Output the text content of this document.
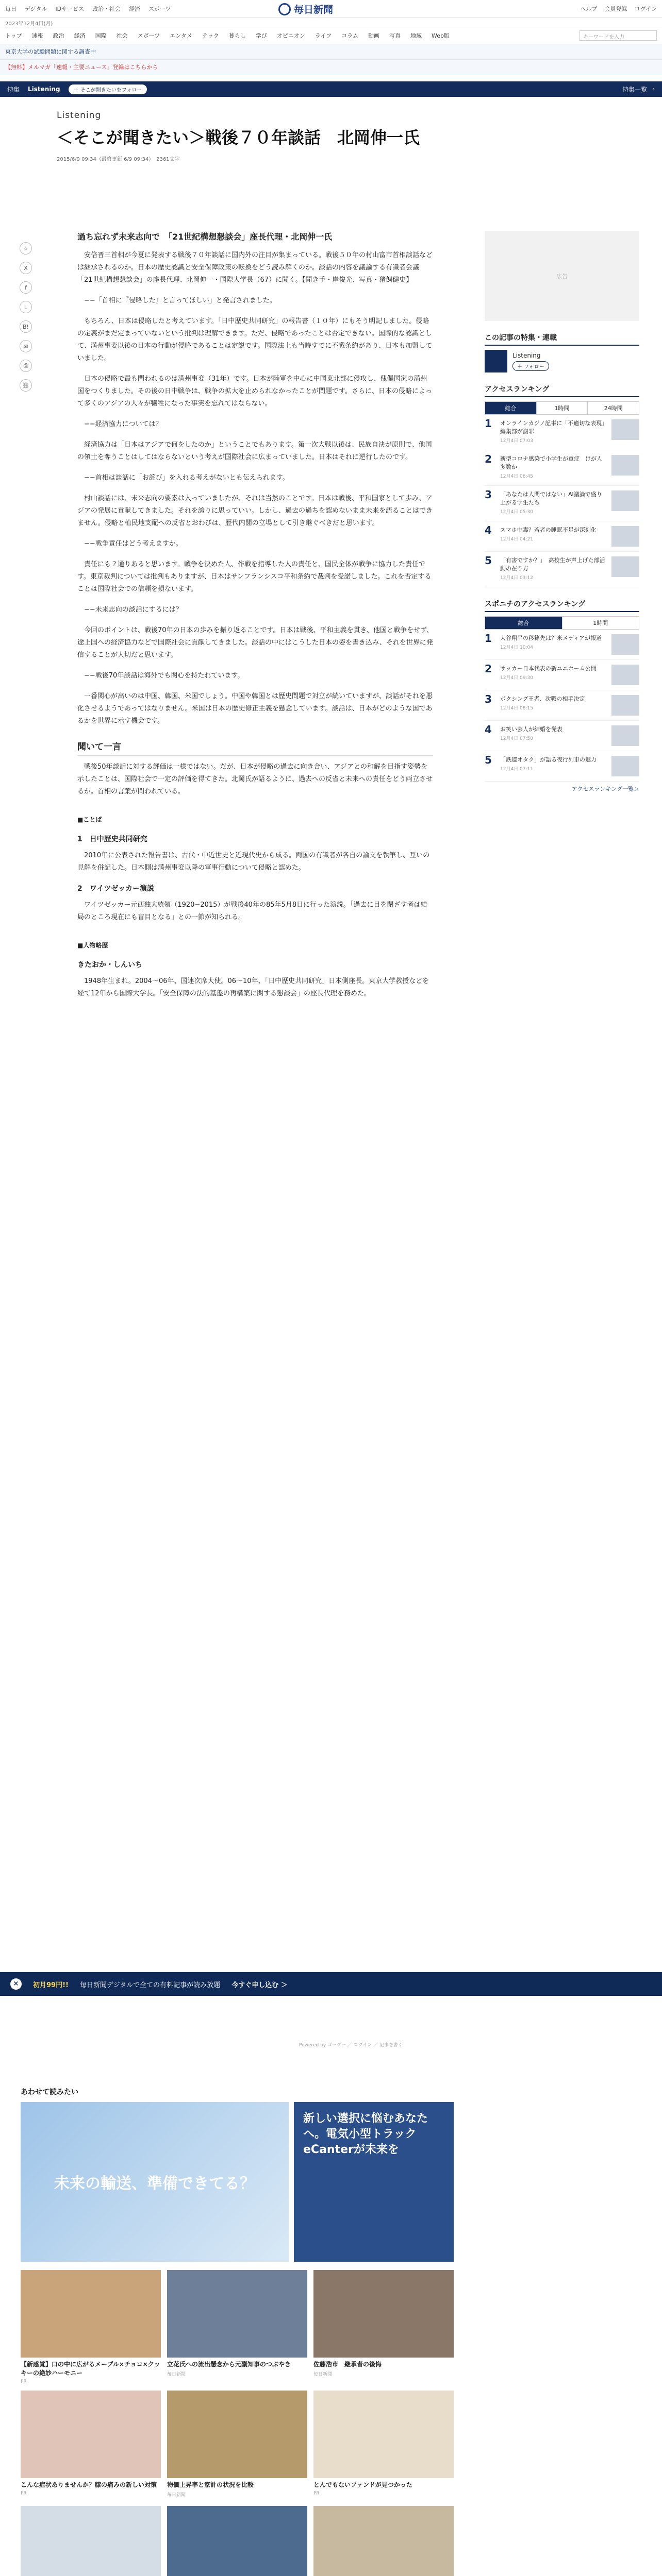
毎日 デジタル IDサービス 政治・社会 経済 スポーツ	ヘルプ 会員登録 ログイン
毎日新聞
2023年12月4日(月)
トップ 速報 政治 経済 国際 社会 スポーツ エンタメ テック 暮らし 学び オピニオン ライフ コラム 動画 写真 地域 Web版	キーワードを入力
東京大学の試験問題に関する調査中
【無料】メルマガ「速報・主要ニュース」登録はこちらから
特集 Listening	＋ そこが聞きたいをフォロー	特集一覧 ›
Listening
＜そこが聞きたい＞戦後７０年談話　北岡伸一氏
2015/6/9 09:34（最終更新 6/9 09:34）　2361文字
☆
X
f
L
B!
✉
⎙
⛓
過ち忘れず未来志向で　「21世紀構想懇談会」座長代理・北岡伸一氏

安倍晋三首相が今夏に発表する戦後７０年談話に国内外の注目が集まっている。戦後５０年の村山富市首相談話などは継承されるのか。日本の歴史認識と安全保障政策の転換をどう読み解くのか。談話の内容を議論する有識者会議「21世紀構想懇談会」の座長代理、北岡伸一・国際大学長（67）に聞く。【聞き手・岸俊光、写真・猪飼健史】

−−「首相に『侵略した』と言ってほしい」と発言されました。

もちろん、日本は侵略したと考えています。「日中歴史共同研究」の報告書（１０年）にもそう明記しました。侵略の定義がまだ定まっていないという批判は理解できます。ただ、侵略であったことは否定できない。国際的な認識として、満州事変以後の日本の行動が侵略であることは定説です。国際法上も当時すでに不戦条約があり、日本も加盟していました。

日本の侵略で最も問われるのは満州事変（31年）です。日本が陸軍を中心に中国東北部に侵攻し、傀儡国家の満州国をつくりました。その後の日中戦争は、戦争の拡大を止められなかったことが問題です。さらに、日本の侵略によって多くのアジアの人々が犠牲になった事実を忘れてはならない。

−−経済協力については？

経済協力は「日本はアジアで何をしたのか」ということでもあります。第一次大戦以後は、民族自決が原則で、他国の領土を奪うことはしてはならないという考えが国際社会に広まっていました。日本はそれに逆行したのです。

−−首相は談話に「お詫び」を入れる考えがないとも伝えられます。

村山談話には、未来志向の要素は入っていましたが、それは当然のことです。日本は戦後、平和国家として歩み、アジアの発展に貢献してきました。それを誇りに思っていい。しかし、過去の過ちを認めないまま未来を語ることはできません。侵略と植民地支配への反省とおわびは、歴代内閣の立場として引き継ぐべきだと思います。

−−戦争責任はどう考えますか。

責任にも２通りあると思います。戦争を決めた人、作戦を指導した人の責任と、国民全体が戦争に協力した責任です。東京裁判については批判もありますが、日本はサンフランシスコ平和条約で裁判を受諾しました。これを否定することは国際社会での信頼を損ないます。

−−未来志向の談話にするには？

今回のポイントは、戦後70年の日本の歩みを振り返ることです。日本は戦後、平和主義を貫き、他国と戦争をせず、途上国への経済協力などで国際社会に貢献してきました。談話の中にはこうした日本の姿を書き込み、それを世界に発信することが大切だと思います。

−−戦後70年談話は海外でも関心を持たれています。

一番関心が高いのは中国、韓国、米国でしょう。中国や韓国とは歴史問題で対立が続いていますが、談話がそれを悪化させるようであってはなりません。米国は日本の歴史修正主義を懸念しています。談話は、日本がどのような国であるかを世界に示す機会です。

聞いて一言

戦後50年談話に対する評価は一様ではない。だが、日本が侵略の過去に向き合い、アジアとの和解を目指す姿勢を示したことは、国際社会で一定の評価を得てきた。北岡氏が語るように、過去への反省と未来への責任をどう両立させるか。首相の言葉が問われている。

■ことば
1　日中歴史共同研究

2010年に公表された報告書は、古代・中近世史と近現代史から成る。両国の有識者が各自の論文を執筆し、互いの見解を併記した。日本側は満州事変以降の軍事行動について侵略と認めた。

2　ワイツゼッカー演説

ワイツゼッカー元西独大統領（1920−2015）が戦後40年の85年5月8日に行った演説。「過去に目を閉ざす者は結局のところ現在にも盲目となる」との一節が知られる。

■人物略歴
きたおか・しんいち

1948年生まれ。2004〜06年、国連次席大使。06〜10年、「日中歴史共同研究」日本側座長。東京大学教授などを経て12年から国際大学長。「安全保障の法的基盤の再構築に関する懇談会」の座長代理を務めた。

広告
この記事の特集・連載
Listening
＋ フォロー
アクセスランキング
総合	1時間	24時間
1	オンラインカジノ記事に「不適切な表現」　編集部が謝罪
12月4日 07:03
2	新型コロナ感染で小学生が重症　けが人多数か
12月4日 06:45
3	「あなたは人間ではない」AI議論で盛り上がる学生たち
12月4日 05:30
4	スマホ中毒？若者の睡眠不足が深刻化
12月4日 04:21
5	「有害ですか？」　高校生が声上げた部活動の在り方
12月4日 03:12
スポニチのアクセスランキング
総合	1時間
1	大谷翔平の移籍先は？米メディアが報道
12月4日 10:04
2	サッカー日本代表の新ユニホーム公開
12月4日 09:30
3	ボクシング王者、次戦の相手決定
12月4日 08:15
4	お笑い芸人が結婚を発表
12月4日 07:50
5	「鉄道オタク」が語る夜行列車の魅力
12月4日 07:11
アクセスランキング一覧＞
×	初月99円!! 毎日新聞デジタルで全ての有料記事が読み放題 今すぐ申し込む ＞
Powered by ゴーグー ／ ログイン ／ 記事を書く
あわせて読みたい
未来の輸送、準備できてる？
新しい選択に悩むあなたへ。電気小型トラックeCanterが未来を
【新感覚】口の中に広がるメープル×チョコ×クッキーの絶妙ハーモニー
PR
立花氏への流出懸念から元副知事のつぶやき
毎日新聞
佐藤浩市　継承者の後悔
毎日新聞
こんな症状ありませんか？膝の痛みの新しい対策
PR
物価上昇率と家計の状況を比較
毎日新聞
とんでもないファンドが見つかった
PR
